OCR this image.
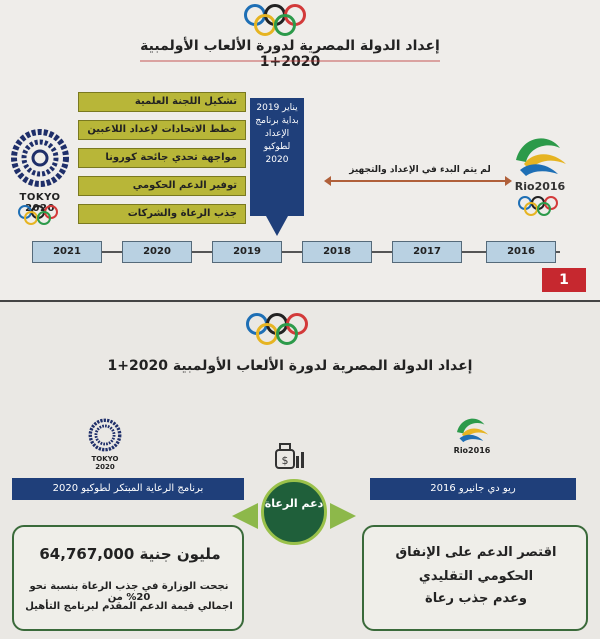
إعداد الدولة المصرية لدورة الألعاب الأولمبية 2020+1
TOKYO 2020
تشكيل اللجنة العلمية
خطط الاتحادات لإعداد اللاعبين
مواجهة تحدي جائحة كورونا
توفير الدعم الحكومي
جذب الرعاة والشركات
يناير 2019 بداية برنامج الإعداد لطوكيو 2020
لم يتم البدء في الإعداد والتجهيز
Rio2016
2021	2020	2019	2018	2017	2016
1
إعداد الدولة المصرية لدورة الألعاب الأولمبية 2020+1
TOKYO 2020	$
Rio2016
برنامج الرعاية المبتكر لطوكيو 2020	ريو دي جانيرو 2016
دعم الرعاة
64,767,000 مليون جنية
نجحت الوزارة في جذب الرعاة بنسبة نحو 20% من
اجمالي قيمة الدعم المقدم لبرنامج التأهيل
اقتصر الدعم على الإنفاق
الحكومي التقليدي
وعدم جذب رعاة
